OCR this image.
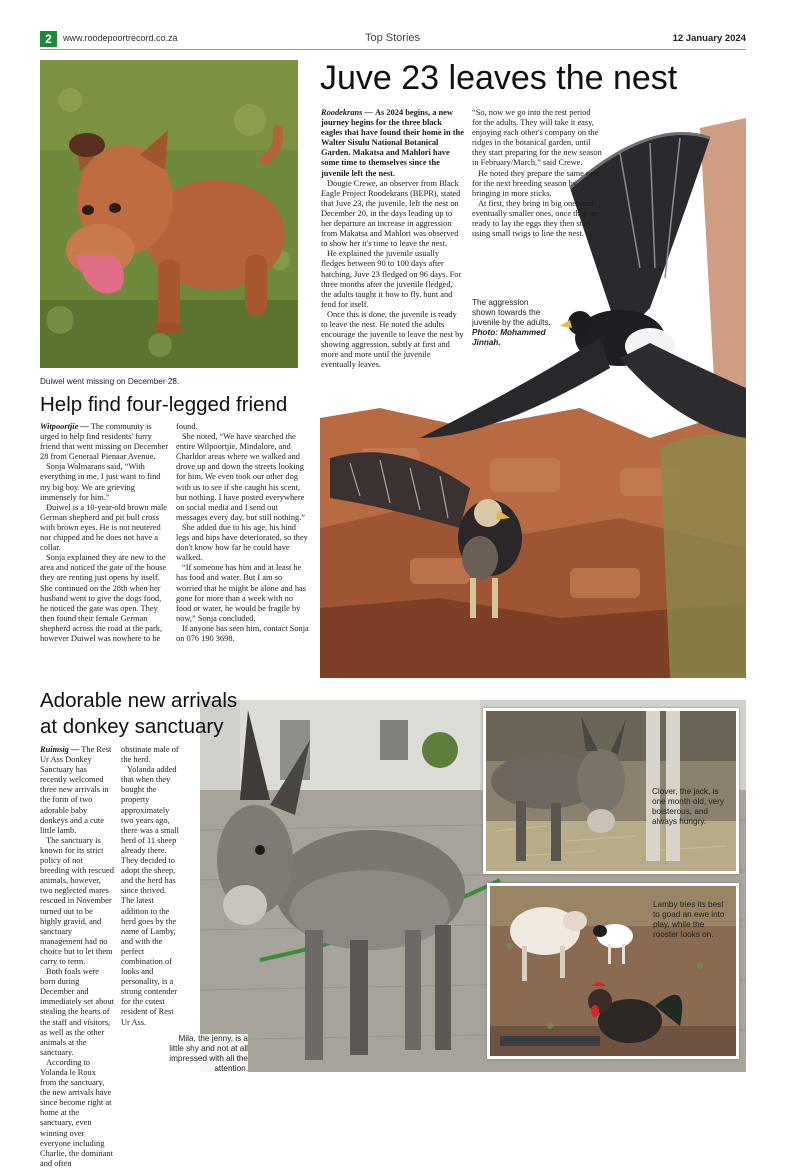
2	www.roodepoortrecord.co.za	Top Stories	12 January 2024
Duiwel went missing on December 28.
Help find four-legged friend

Witpoortjie — The community is urged to help find residents' furry friend that went missing on December 28 from Generaal Pienaar Avenue.

Sonja Wolmarans said, “With everything in me, I just want to find my big boy. We are grieving immensely for him.”

Duiwel is a 10-year-old brown male German shepherd and pit bull cross with brown eyes. He is not neutered nor chipped and he does not have a collar.

Sonja explained they are new to the area and noticed the gate of the house they are renting just opens by itself. She continued on the 28th when her husband went to give the dogs food, he noticed the gate was open. They then found their female German shepherd across the road at the park, however Duiwel was nowhere to be

found.

She noted, “We have searched the entire Wilpoortjie, Mindalore, and Charldor areas where we walked and drove up and down the streets looking for him. We even took our other dog with us to see if she caught his scent, but nothing. I have posted everywhere on social media and I send out messages every day, but still nothing.”

She added due to his age, his hind legs and hips have deteriorated, so they don't know how far he could have walked.

“If someone has him and at least he has food and water. But I am so worried that he might be alone and has gone for more than a week with no food or water, he would be fragile by now,” Sonja concluded.

If anyone has seen him, contact Sonja on 076 190 3698.

Juve 23 leaves the nest

Roodekrans — As 2024 begins, a new journey begins for the three black eagles that have found their home in the Walter Sisulu National Botanical Garden. Makatsa and Mahlori have some time to themselves since the juvenile left the nest.

Dougie Crewe, an observer from Black Eagle Project Roodekrans (BEPR), stated that Juve 23, the juvenile, left the nest on December 20, in the days leading up to her departure an increase in aggression from Makatsa and Mahlori was observed to show her it's time to leave the nest.

He explained the juvenile usually fledges between 90 to 100 days after hatching, Juve 23 fledged on 96 days. For three months after the juvenile fledged, the adults taught it how to fly, hunt and fend for itself.

Once this is done, the juvenile is ready to leave the nest. He noted the adults encourage the juvenile to leave the nest by showing aggression, subtly at first and more and more until the juvenile eventually leaves.

“So, now we go into the rest period for the adults. They will take it easy, enjoying each other's company on the ridges in the botanical garden, until they start preparing for the new season in February/March,” said Crewe.

He noted they prepare the same nest for the next breeding season by bringing in more sticks.

At first, they bring in big ones and eventually smaller ones, once they are ready to lay the eggs they then start using small twigs to line the nest.

The aggression shown towards the juvenile by the adults.
Photo: Mohammed Jinnah.
Adorable new arrivals
at donkey sanctuary

Ruimsig — The Rest Ur Ass Donkey Sanctuary has recently welcomed three new arrivals in the form of two adorable baby donkeys and a cute little lamb.

The sanctuary is known for its strict policy of not breeding with rescued animals, however, two neglected mares rescued in November turned out to be highly gravid, and sanctuary management had no choice but to let them carry to term.

Both foals were born during December and immediately set about stealing the hearts of the staff and visitors, as well as the other animals at the sanctuary.

According to Yolanda le Roux from the sanctuary, the new arrivals have since become right at home at the sanctuary, even winning over everyone including Charlie, the dominant and often

obstinate male of the herd.

Yolanda added that when they bought the property approximately two years ago, there was a small herd of 11 sheep already there. They decided to adopt the sheep, and the herd has since thrived. The latest addition to the herd goes by the name of Lamby, and with the perfect combination of looks and personality, is a strong contender for the cutest resident of Rest Ur Ass.

Mila, the jenny, is a little shy and not at all impressed with all the attention.
Clover, the jack, is one month old, very boisterous, and always hungry.
Lamby tries its best to goad an ewe into play, while the rooster looks on.
